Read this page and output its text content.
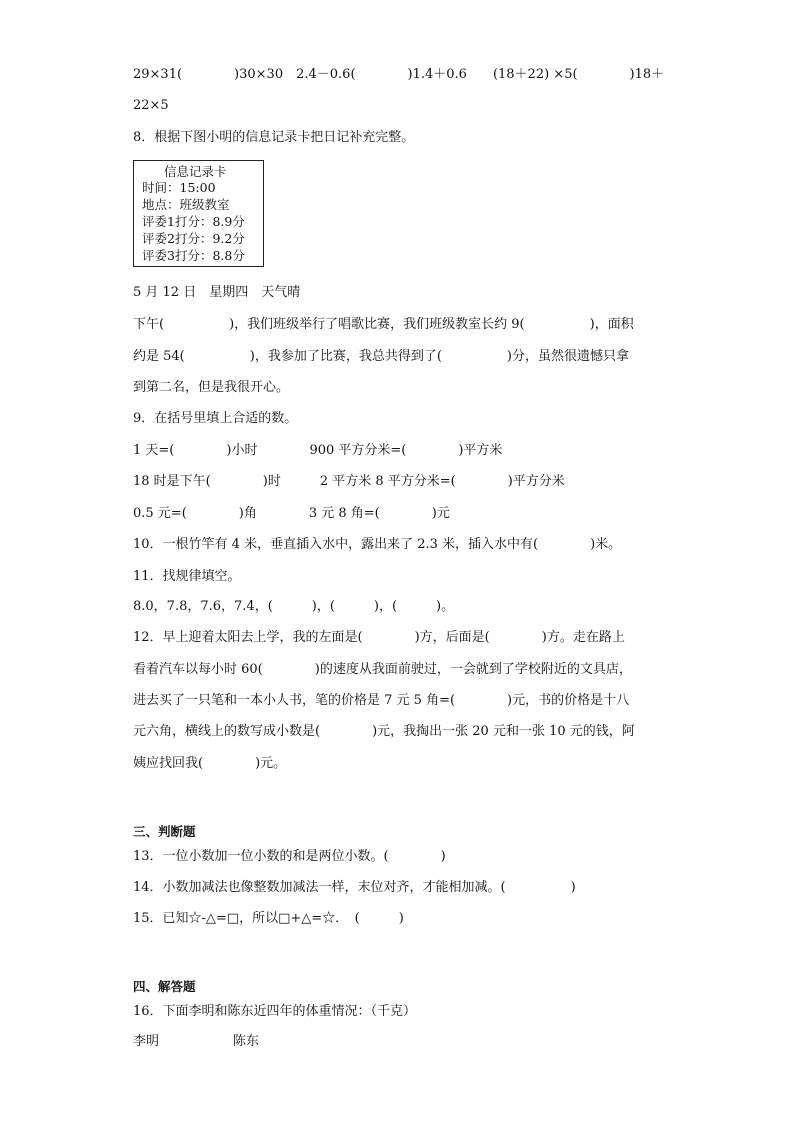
29×31(　　　　)30×30　2.4－0.6(　　　　)1.4＋0.6　　(18＋22) ×5(　　　　)18＋
22×5
8．根据下图小明的信息记录卡把日记补充完整。
信息记录卡
时间：15:00
地点：班级教室
评委1打分：8.9分
评委2打分：9.2分
评委3打分：8.8分
5 月 12 日　星期四　天气晴
下午(　　　　　)，我们班级举行了唱歌比赛，我们班级教室长约 9(　　　　　)，面积
约是 54(　　　　　)，我参加了比赛，我总共得到了(　　　　　)分，虽然很遗憾只拿
到第二名，但是我很开心。
9．在括号里填上合适的数。
1 天=(　　　　)小时　　　　900 平方分米=(　　　　)平方米
18 时是下午(　　　　)时　　　2 平方米 8 平方分米=(　　　　)平方分米
0.5 元=(　　　　)角　　　　3 元 8 角=(　　　　)元
10．一根竹竿有 4 米，垂直插入水中，露出来了 2.3 米，插入水中有(　　　　)米。
11．找规律填空。
8.0，7.8，7.6，7.4，(　　　)，(　　　)，(　　　)。
12．早上迎着太阳去上学，我的左面是(　　　　)方，后面是(　　　　)方。走在路上
看着汽车以每小时 60(　　　　)的速度从我面前驶过，一会就到了学校附近的文具店，
进去买了一只笔和一本小人书，笔的价格是 7 元 5 角=(　　　　)元，书的价格是十八
元六角，横线上的数写成小数是(　　　　)元，我掏出一张 20 元和一张 10 元的钱，阿
姨应找回我(　　　　)元。
三、判断题
13．一位小数加一位小数的和是两位小数。(　　　　)
14．小数加减法也像整数加减法一样，末位对齐，才能相加减。(　　　　　)
15．已知☆-△=□，所以□+△=☆．　(　　　)
四、解答题
16．下面李明和陈东近四年的体重情况：（千克）
李明	陈东
